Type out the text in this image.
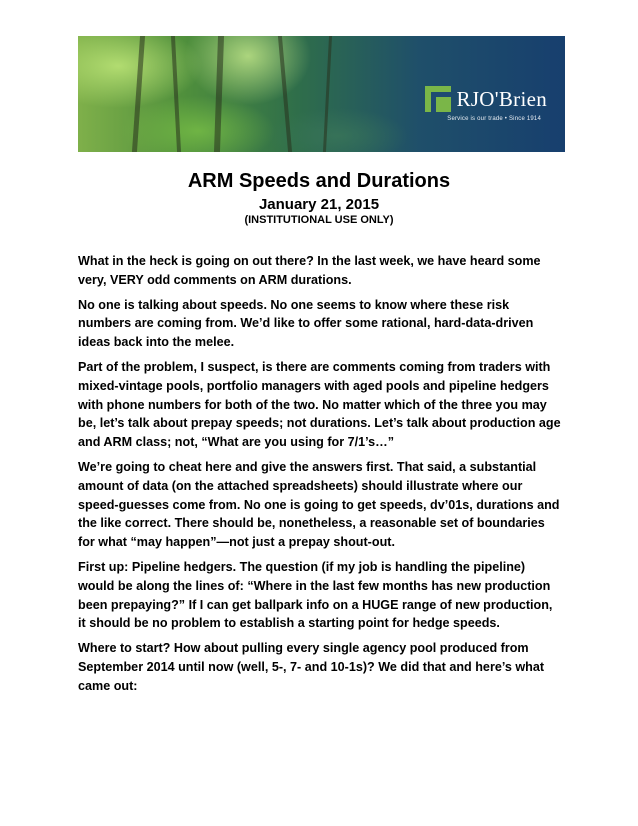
RJO'Brien
Service is our trade • Since 1914
ARM Speeds and Durations
January 21, 2015
(INSTITUTIONAL USE ONLY)

What in the heck is going on out there? In the last week, we have heard some very, VERY odd comments on ARM durations.

No one is talking about speeds. No one seems to know where these risk numbers are coming from. We’d like to offer some rational, hard-data-driven ideas back into the melee.

Part of the problem, I suspect, is there are comments coming from traders with mixed-vintage pools, portfolio managers with aged pools and pipeline hedgers with phone numbers for both of the two. No matter which of the three you may be, let’s talk about prepay speeds; not durations. Let’s talk about production age and ARM class; not, “What are you using for 7/1’s…”

We’re going to cheat here and give the answers first. That said, a substantial amount of data (on the attached spreadsheets) should illustrate where our speed-guesses come from. No one is going to get speeds, dv’01s, durations and the like correct. There should be, nonetheless, a reasonable set of boundaries for what “may happen”—not just a prepay shout-out.

First up: Pipeline hedgers. The question (if my job is handling the pipeline) would be along the lines of: “Where in the last few months has new production been prepaying?” If I can get ballpark info on a HUGE range of new production, it should be no problem to establish a starting point for hedge speeds.

Where to start? How about pulling every single agency pool produced from September 2014 until now (well, 5-, 7- and 10-1s)? We did that and here’s what came out:
